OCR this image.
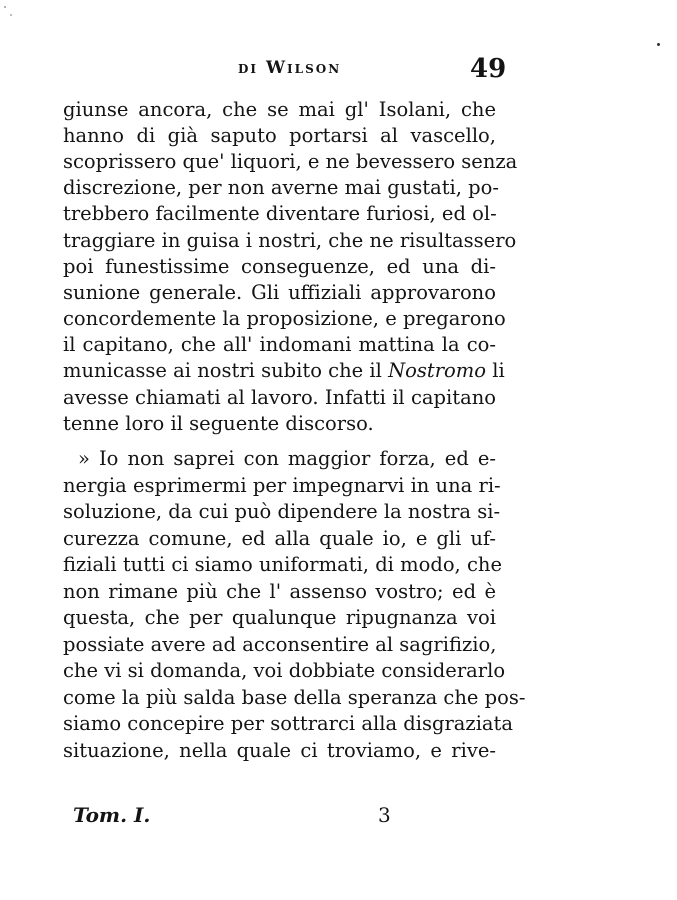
di Wilson	49
giunse ancora, che se mai gl' Isolani, che
hanno di già saputo portarsi al vascello,
scoprissero que' liquori, e ne bevessero senza
discrezione, per non averne mai gustati, po-
trebbero facilmente diventare furiosi, ed ol-
traggiare in guisa i nostri, che ne risultassero
poi funestissime conseguenze, ed una di-
sunione generale. Gli uffiziali approvarono
concordemente la proposizione, e pregarono
il capitano, che all' indomani mattina la co-
municasse ai nostri subito che il Nostromo li
avesse chiamati al lavoro. Infatti il capitano
tenne loro il seguente discorso.
» Io non saprei con maggior forza, ed e-
nergia esprimermi per impegnarvi in una ri-
soluzione, da cui può dipendere la nostra si-
curezza comune, ed alla quale io, e gli uf-
fiziali tutti ci siamo uniformati, di modo, che
non rimane più che l' assenso vostro; ed è
questa, che per qualunque ripugnanza voi
possiate avere ad acconsentire al sagrifizio,
che vi si domanda, voi dobbiate considerarlo
come la più salda base della speranza che pos-
siamo concepire per sottrarci alla disgraziata
situazione, nella quale ci troviamo, e rive-
Tom. I.	3
